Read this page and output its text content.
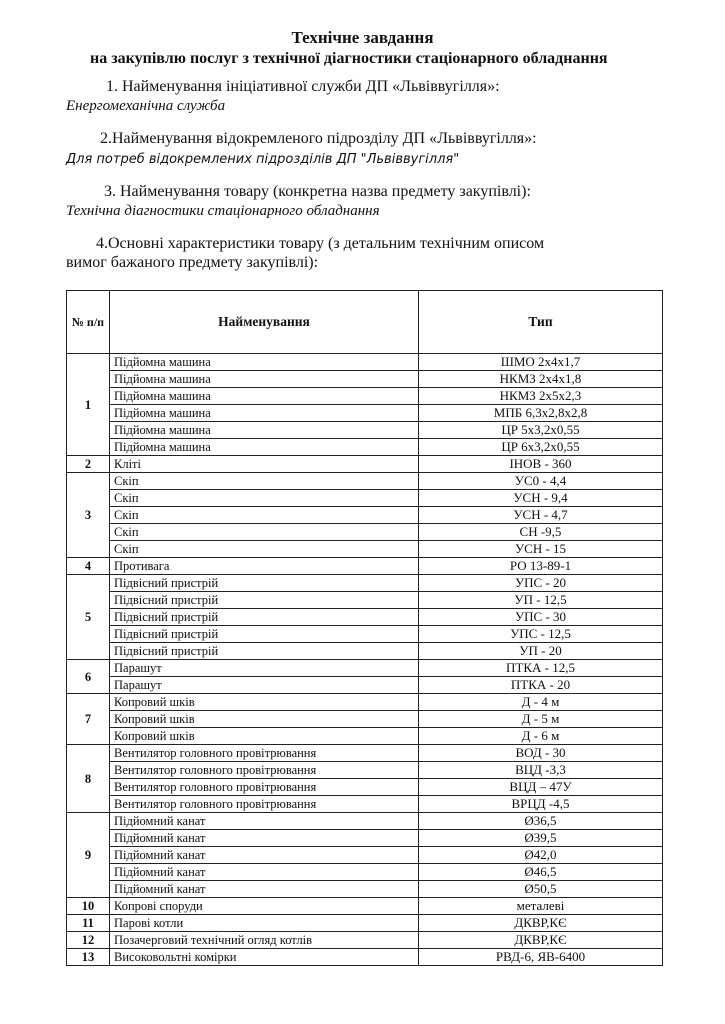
Технічне завдання
на закупівлю послуг з технічної діагностики стаціонарного обладнання
1. Найменування ініціативної служби ДП «Львіввугілля»:
Енергомеханічна служба
2.Найменування відокремленого підрозділу ДП «Львіввугілля»:
Для потреб відокремлених підрозділів ДП "Львіввугілля"
3. Найменування товару (конкретна назва предмету закупівлі):
Технічна діагностики стаціонарного обладнання
4.Основні характеристики товару (з детальним технічним описом
вимог бажаного предмету закупівлі):
№ п/п	Найменування	Тип
1	Підйомна машина	ШМО 2х4х1,7
	Підйомна машина	НКМЗ 2х4х1,8
	Підйомна машина	НКМЗ 2х5х2,3
	Підйомна машина	МПБ 6,3х2,8х2,8
	Підйомна машина	ЦР 5х3,2х0,55
	Підйомна машина	ЦР 6х3,2х0,55
2	Кліті	ІНОВ - 360
3	Скіп	УС0 - 4,4
	Скіп	УСН - 9,4
	Скіп	УСН - 4,7
	Скіп	СН -9,5
	Скіп	УСН - 15
4	Противага	РО 13-89-1
5	Підвісний пристрій	УПС - 20
	Підвісний пристрій	УП - 12,5
	Підвісний пристрій	УПС - 30
	Підвісний пристрій	УПС - 12,5
	Підвісний пристрій	УП - 20
6	Парашут	ПТКА - 12,5
	Парашут	ПТКА - 20
7	Копровий шків	Д - 4 м
	Копровий шків	Д - 5 м
	Копровий шків	Д - 6 м
8	Вентилятор головного провітрювання	ВОД - 30
	Вентилятор головного провітрювання	ВЦД -3,3
	Вентилятор головного провітрювання	ВЦД – 47У
	Вентилятор головного провітрювання	ВРЦД -4,5
9	Підйомний канат	Ø36,5
	Підйомний канат	Ø39,5
	Підйомний канат	Ø42,0
	Підйомний канат	Ø46,5
	Підйомний канат	Ø50,5
10	Копрові споруди	металеві
11	Парові котли	ДКВР,КЄ
12	Позачерговий технічний огляд котлів	ДКВР,КЄ
13	Високовольтні комірки	РВД-6, ЯВ-6400
